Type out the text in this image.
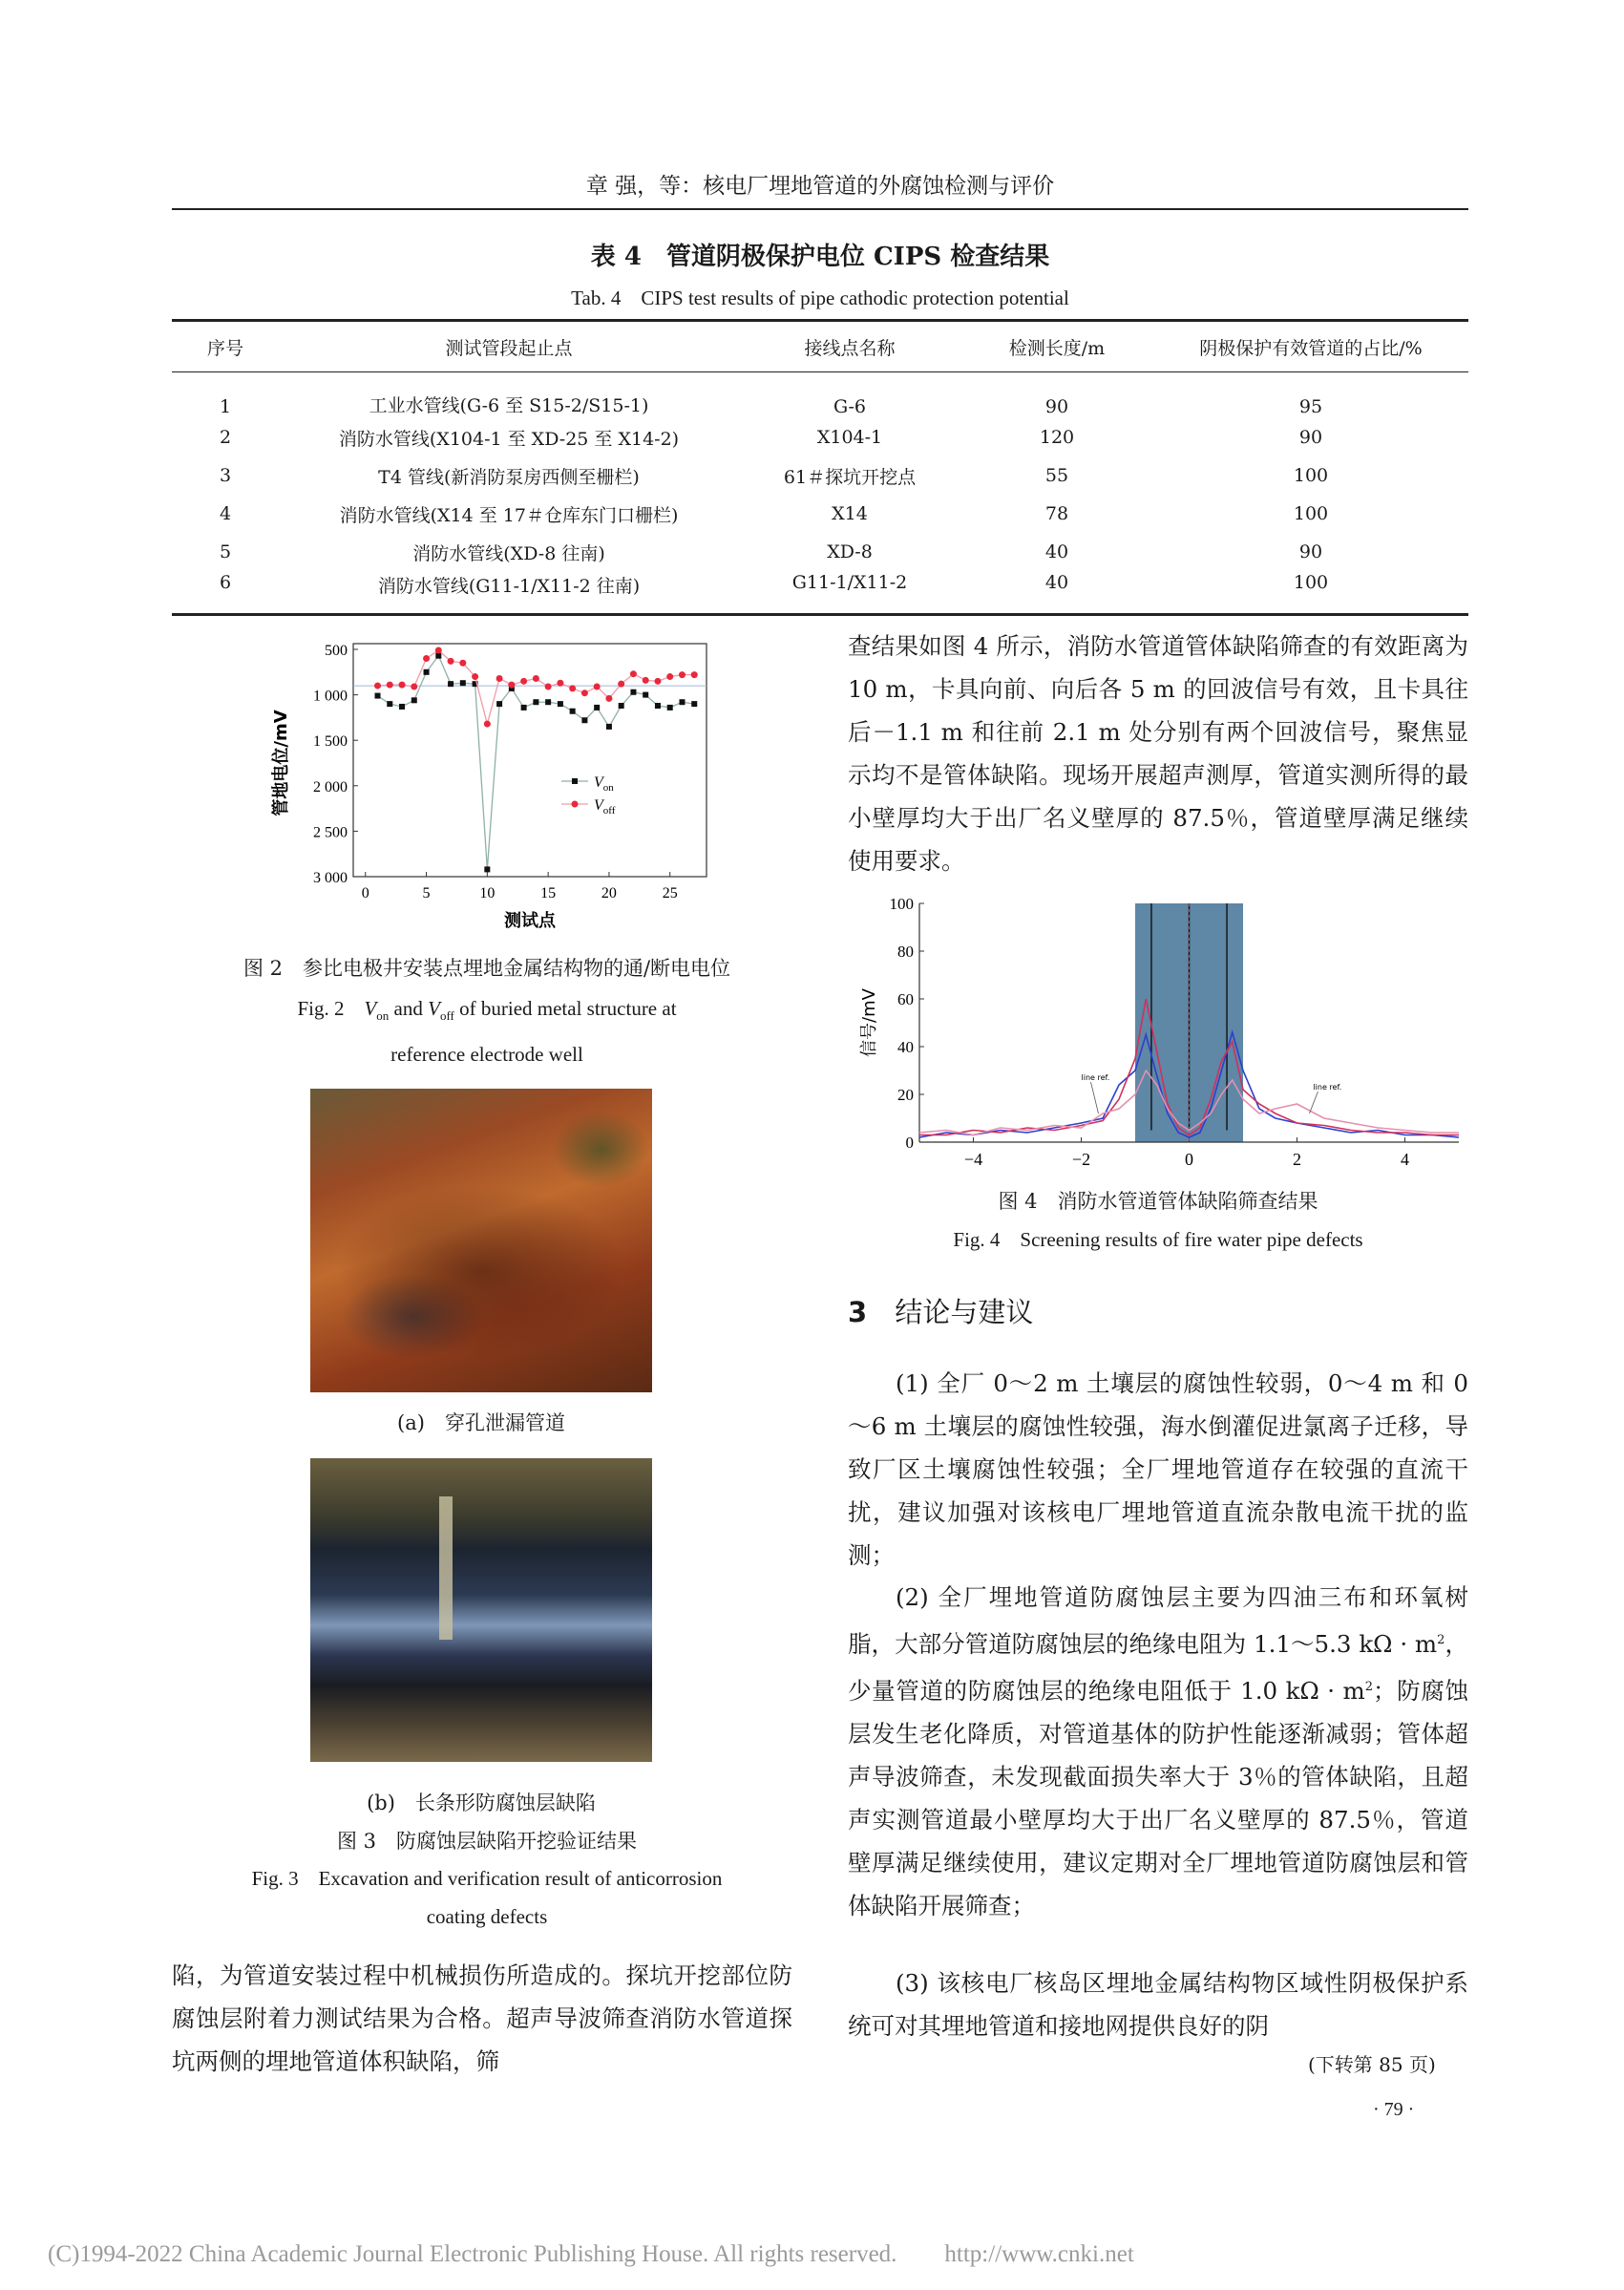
章 强，等：核电厂埋地管道的外腐蚀检测与评价
表 4　管道阴极保护电位 CIPS 检查结果
Tab. 4　CIPS test results of pipe cathodic protection potential
序号	测试管段起止点	接线点名称	检测长度/m	阴极保护有效管道的占比/%
1	工业水管线(G-6 至 S15-2/S15-1)	G-6	90	95
2	消防水管线(X104-1 至 XD-25 至 X14-2)	X104-1	120	90
3	T4 管线(新消防泵房西侧至栅栏)	61＃探坑开挖点	55	100
4	消防水管线(X14 至 17＃仓库东门口栅栏)	X14	78	100
5	消防水管线(XD-8 往南)	XD-8	40	90
6	消防水管线(G11-1/X11-2 往南)	G11-1/X11-2	40	100
500
1 000
1 500
2 000
2 500
3 000
0	5	10	15	20	25
测试点
管地电位/mV	$V_{on}$
$V_{off}$
图 2　参比电极井安装点埋地金属结构物的通/断电电位
Fig. 2　$V_{on}$ and $V_{off}$ of buried metal structure at
reference electrode well
(a)　穿孔泄漏管道
(b)　长条形防腐蚀层缺陷
图 3　防腐蚀层缺陷开挖验证结果
Fig. 3　Excavation and verification result of anticorrosion
coating defects
陷，为管道安装过程中机械损伤所造成的。探坑开挖部位防腐蚀层附着力测试结果为合格。超声导波筛查消防水管道探坑两侧的埋地管道体积缺陷，筛
查结果如图 4 所示，消防水管道管体缺陷筛查的有效距离为 10 m，卡具向前、向后各 5 m 的回波信号有效，且卡具往后－1.1 m 和往前 2.1 m 处分别有两个回波信号，聚焦显示均不是管体缺陷。现场开展超声测厚，管道实测所得的最小壁厚均大于出厂名义壁厚的 87.5％，管道壁厚满足继续使用要求。
0
20
40
60
80
100
−4	−2	0	2	4
信号/mV
line ref.
line ref.
图 4　消防水管道管体缺陷筛查结果
Fig. 4　Screening results of fire water pipe defects
3 结论与建议
(1) 全厂 0～2 m 土壤层的腐蚀性较弱，0～4 m 和 0～6 m 土壤层的腐蚀性较强，海水倒灌促进氯离子迁移，导致厂区土壤腐蚀性较强；全厂埋地管道存在较强的直流干扰，建议加强对该核电厂埋地管道直流杂散电流干扰的监测；
(2) 全厂埋地管道防腐蚀层主要为四油三布和环氧树脂，大部分管道防腐蚀层的绝缘电阻为 1.1～5.3 $k\Omega \cdot m^2$，少量管道的防腐蚀层的绝缘电阻低于 1.0 $k\Omega \cdot m^2$；防腐蚀层发生老化降质，对管道基体的防护性能逐渐减弱；管体超声导波筛查，未发现截面损失率大于 3％的管体缺陷，且超声实测管道最小壁厚均大于出厂名义壁厚的 87.5％，管道壁厚满足继续使用，建议定期对全厂埋地管道防腐蚀层和管体缺陷开展筛查；
(3) 该核电厂核岛区埋地金属结构物区域性阴极保护系统可对其埋地管道和接地网提供良好的阴
(下转第 85 页)
· 79 ·
(C)1994-2022 China Academic Journal Electronic Publishing House. All rights reserved.　　http://www.cnki.net
